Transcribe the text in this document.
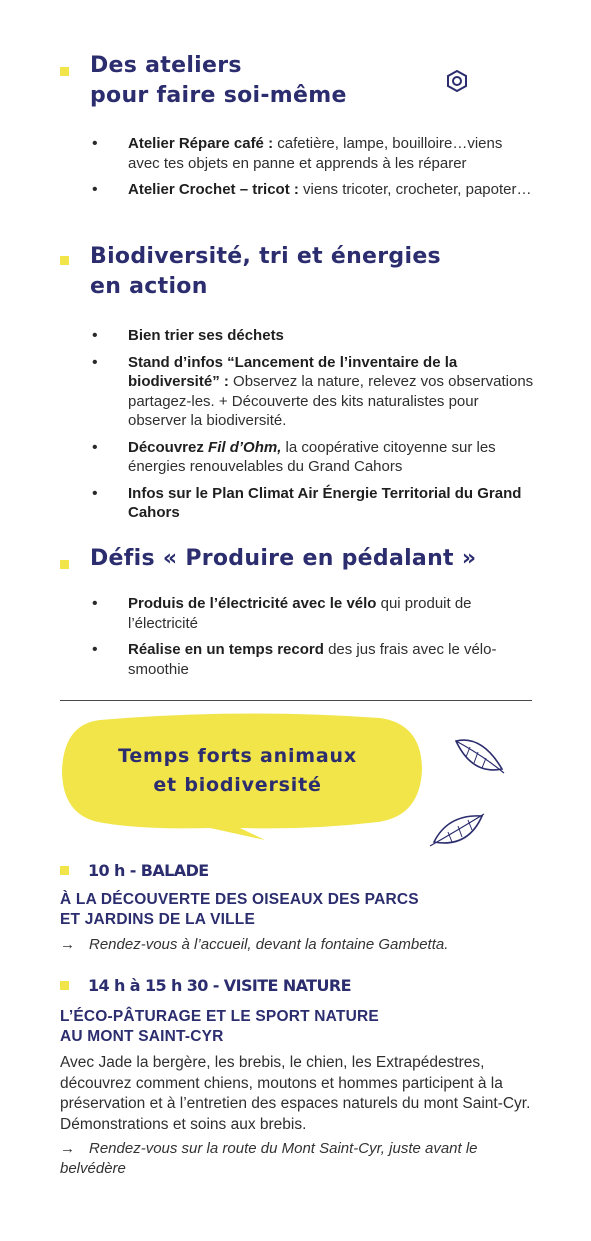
Des ateliers
pour faire soi-même
• Atelier Répare café : cafetière, lampe, bouilloire…viens avec tes objets en panne et apprends à les réparer
• Atelier Crochet – tricot : viens tricoter, crocheter, papoter…
Biodiversité, tri et énergies
en action
• Bien trier ses déchets
• Stand d’infos “Lancement de l’inventaire de la biodiversité” : Observez la nature, relevez vos observations partagez-les. + Découverte des kits naturalistes pour observer la biodiversité.
• Découvrez Fil d’Ohm, la coopérative citoyenne sur les énergies renouvelables du Grand Cahors
• Infos sur le Plan Climat Air Énergie Territorial du Grand Cahors
Défis « Produire en pédalant »
• Produis de l’électricité avec le vélo qui produit de l’électricité
• Réalise en un temps record des jus frais avec le vélo-smoothie
Temps forts animaux
et biodiversité

10 h - BALADE

À LA DÉCOUVERTE DES OISEAUX DES PARCS
ET JARDINS DE LA VILLE

→ Rendez-vous à l’accueil, devant la fontaine Gambetta.

14 h à 15 h 30 - VISITE NATURE

L’ÉCO-PÂTURAGE ET LE SPORT NATURE
AU MONT SAINT-CYR

Avec Jade la bergère, les brebis, le chien, les Extrapédestres, découvrez comment chiens, moutons et hommes participent à la préservation et à l’entretien des espaces naturels du mont Saint-Cyr. Démonstrations et soins aux brebis.

→ Rendez-vous sur la route du Mont Saint-Cyr, juste avant le belvédère
